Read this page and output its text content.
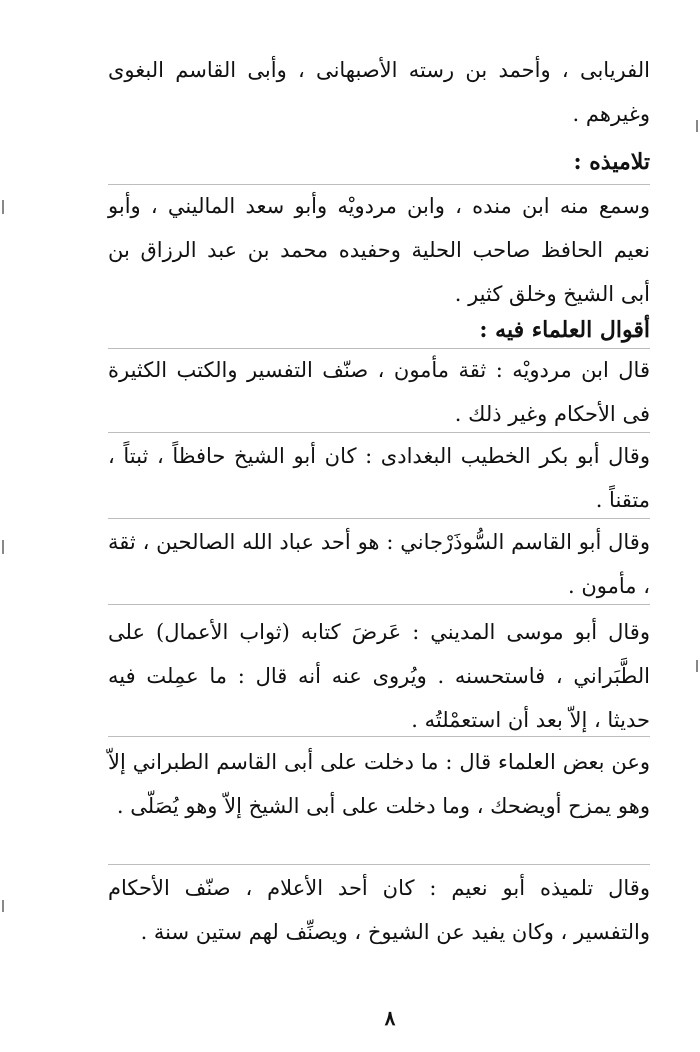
الفريابى ، وأحمد بن رسته الأصبهانى ، وأبى القاسم البغوى وغيرهم .

تلاميذه :

وسمع منه ابن منده ، وابن مردويْه وأبو سعد الماليني ، وأبو نعيم الحافظ صاحب الحلية وحفيده محمد بن عبد الرزاق بن أبى الشيخ وخلق كثير .

أقوال العلماء فيه :

قال ابن مردويْه : ثقة مأمون ، صنّف التفسير والكتب الكثيرة فى الأحكام وغير ذلك .

وقال أبو بكر الخطيب البغدادى : كان أبو الشيخ حافظاً ، ثبتاً ، متقناً .

وقال أبو القاسم السُّوذَرْجاني : هو أحد عباد الله الصالحين ، ثقة ، مأمون .

وقال أبو موسى المديني : عَرضَ كتابه (ثواب الأعمال) على الطَّبَراني ، فاستحسنه . ويُروى عنه أنه قال : ما عمِلت فيه حديثا ، إلاّ بعد أن استعمْلتُه .

وعن بعض العلماء قال : ما دخلت على أبى القاسم الطبراني إلاّ وهو يمزح أويضحك ، وما دخلت على أبى الشيخ إلاّ وهو يُصَلّى .

وقال تلميذه أبو نعيم : كان أحد الأعلام ، صنّف الأحكام والتفسير ، وكان يفيد عن الشيوخ ، ويصنِّف لهم ستين سنة .

٨
